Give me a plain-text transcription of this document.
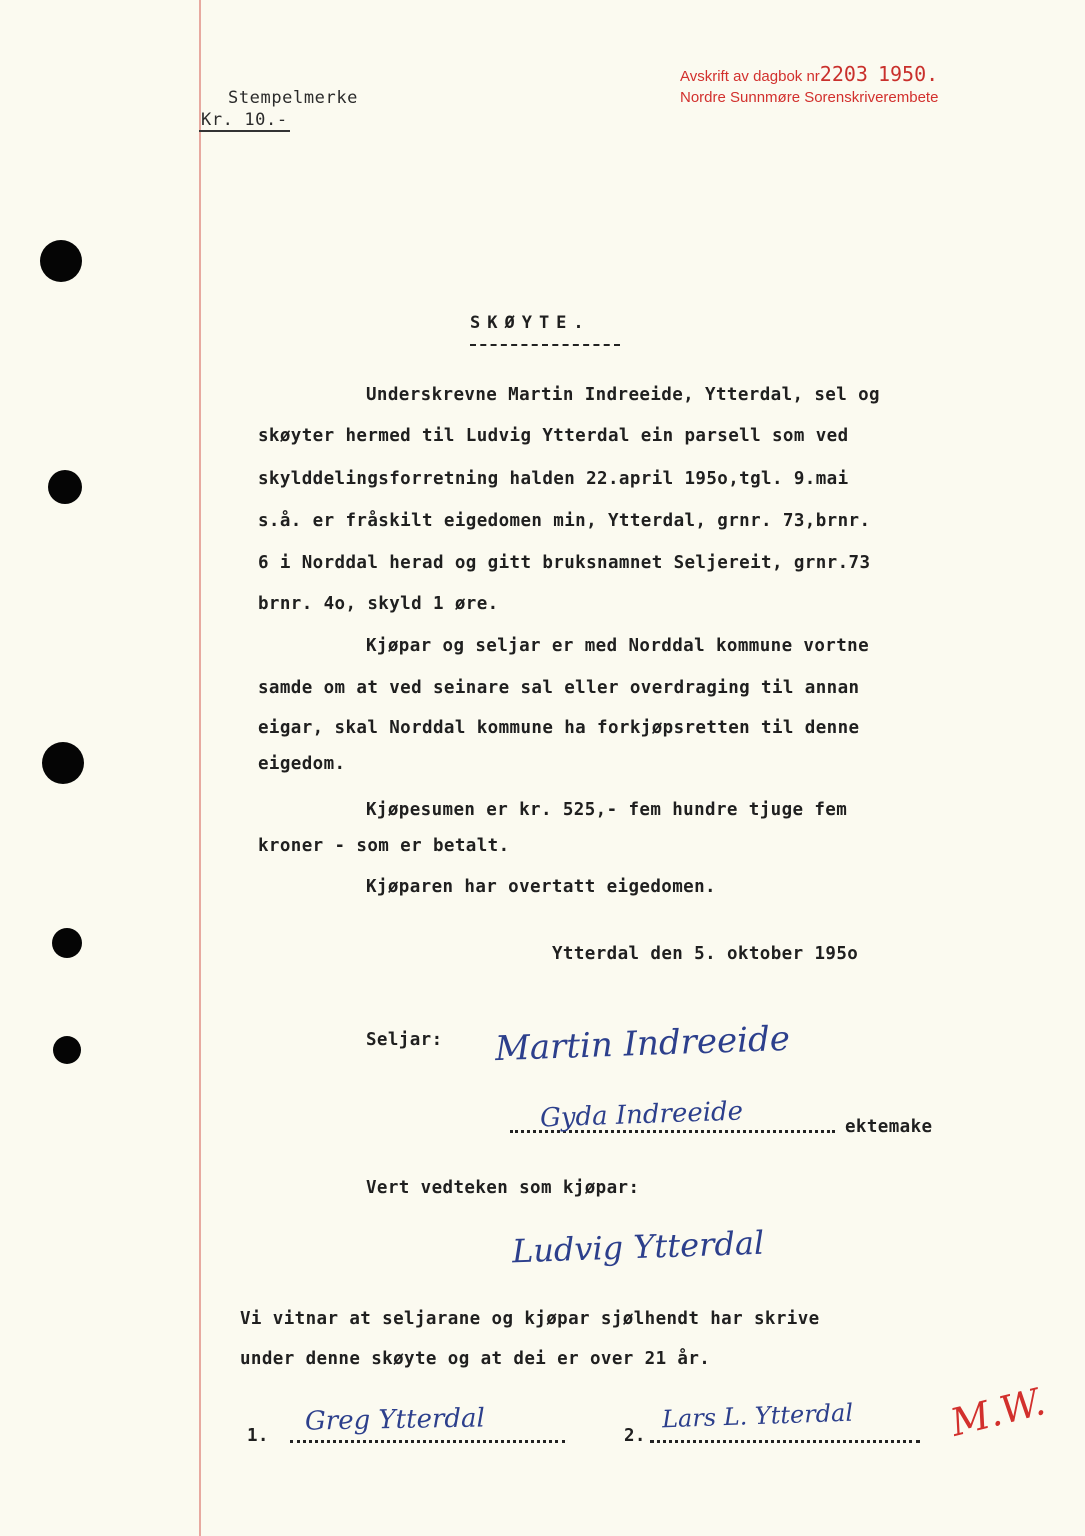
Stempelmerke
Kr. 10.-
Avskrift av dagbok nr2203 1950.
Nordre Sunnmøre Sorenskriverembete
SKØYTE.
Underskrevne Martin Indreeide, Ytterdal, sel og
skøyter hermed til Ludvig Ytterdal ein parsell som ved
skylddelingsforretning halden 22.april 195o,tgl. 9.mai
s.å. er fråskilt eigedomen min, Ytterdal, grnr. 73,brnr.
6 i Norddal herad og gitt bruksnamnet Seljereit, grnr.73
brnr. 4o, skyld 1 øre.
Kjøpar og seljar er med Norddal kommune vortne
samde om at ved seinare sal eller overdraging til annan
eigar, skal Norddal kommune ha forkjøpsretten til denne
eigedom.
Kjøpesumen er kr. 525,- fem hundre tjuge fem
kroner - som er betalt.
Kjøparen har overtatt eigedomen.
Ytterdal den 5. oktober 195o
Seljar: Martin Indreeide
Gyda Indreeide	ektemake
Vert vedteken som kjøpar:
Ludvig Ytterdal
Vi vitnar at seljarane og kjøpar sjølhendt har skrive
under denne skøyte og at dei er over 21 år.
1. Greg Ytterdal	2.
Lars L. Ytterdal M.W.
